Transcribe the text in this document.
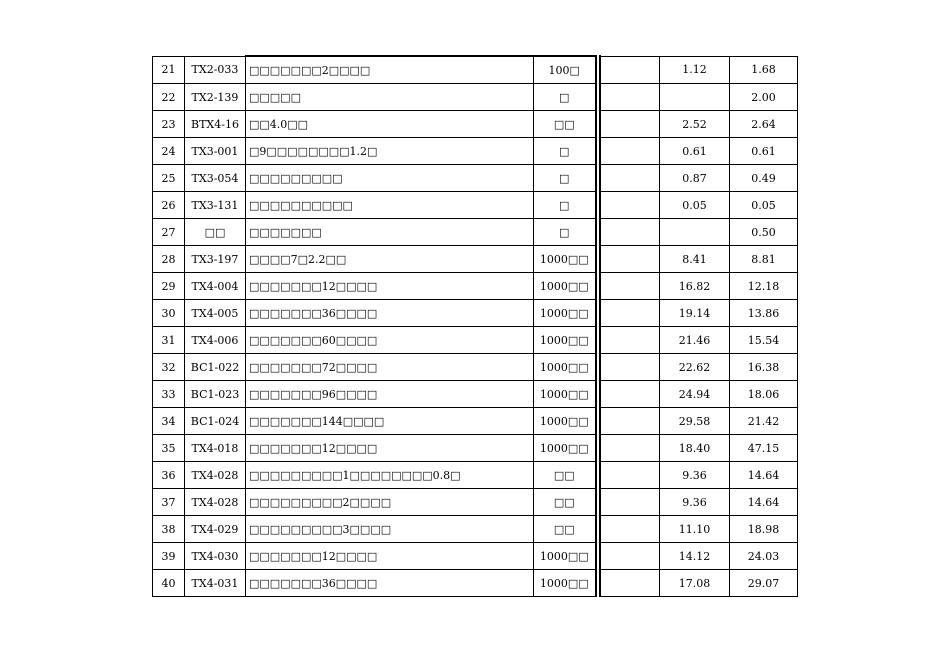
21	TX2-033	□□□□□□□2□□□□	100□		1.12	1.68
22	TX2-139	□□□□□	□			2.00
23	BTX4-16	□□4.0□□	□□		2.52	2.64
24	TX3-001	□9□□□□□□□□1.2□	□		0.61	0.61
25	TX3-054	□□□□□□□□□	□		0.87	0.49
26	TX3-131	□□□□□□□□□□	□		0.05	0.05
27	□□	□□□□□□□	□			0.50
28	TX3-197	□□□□7□2.2□□	1000□□		8.41	8.81
29	TX4-004	□□□□□□□12□□□□	1000□□		16.82	12.18
30	TX4-005	□□□□□□□36□□□□	1000□□		19.14	13.86
31	TX4-006	□□□□□□□60□□□□	1000□□		21.46	15.54
32	BC1-022	□□□□□□□72□□□□	1000□□		22.62	16.38
33	BC1-023	□□□□□□□96□□□□	1000□□		24.94	18.06
34	BC1-024	□□□□□□□144□□□□	1000□□		29.58	21.42
35	TX4-018	□□□□□□□12□□□□	1000□□		18.40	47.15
36	TX4-028	□□□□□□□□□1□□□□□□□□0.8□	□□		9.36	14.64
37	TX4-028	□□□□□□□□□2□□□□	□□		9.36	14.64
38	TX4-029	□□□□□□□□□3□□□□	□□		11.10	18.98
39	TX4-030	□□□□□□□12□□□□	1000□□		14.12	24.03
40	TX4-031	□□□□□□□36□□□□	1000□□		17.08	29.07
